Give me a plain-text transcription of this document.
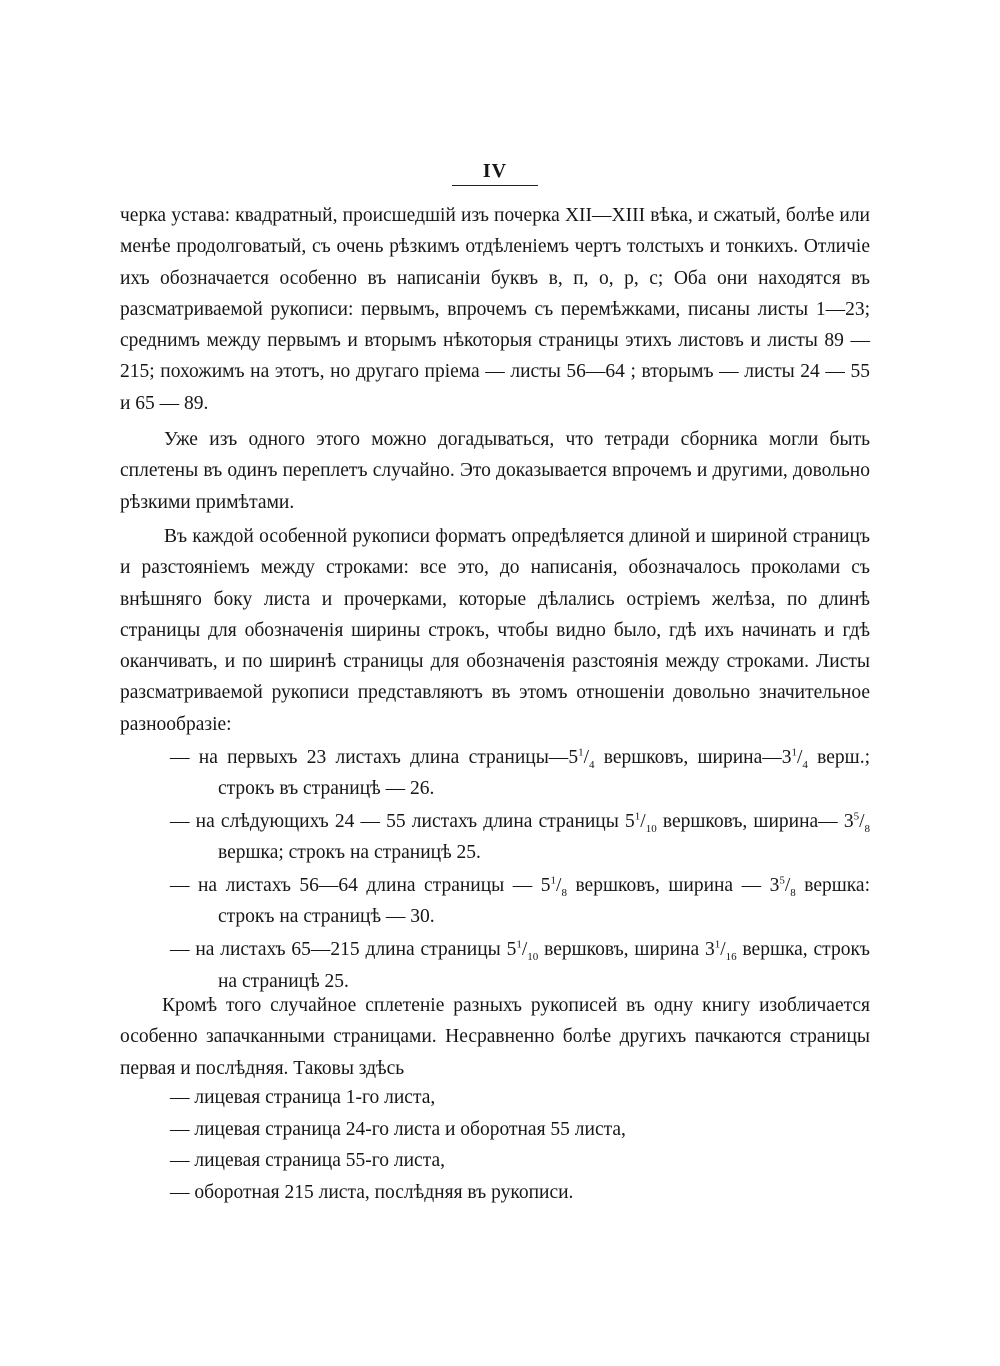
IV
черка устава: квадратный, происшедшій изъ почерка XII—XIII вѣка, и сжатый, болѣе или менѣе продолговатый, съ очень рѣзкимъ отдѣленіемъ чертъ толстыхъ и тонкихъ. Отличіе ихъ обозначается особенно въ написаніи буквъ в, п, о, р, с; Оба они находятся въ разсматриваемой рукописи: первымъ, впрочемъ съ перемѣжками, писаны листы 1—23; среднимъ между первымъ и вторымъ нѣкоторыя страницы этихъ листовъ и листы 89 — 215; похожимъ на этотъ, но другаго пріема — листы 56—64 ; вторымъ — листы 24 — 55 и 65 — 89.
Уже изъ одного этого можно догадываться, что тетради сборника могли быть сплетены въ одинъ переплетъ случайно. Это доказывается впрочемъ и другими, довольно рѣзкими примѣтами.
Въ каждой особенной рукописи форматъ опредѣляется длиной и шириной страницъ и разстояніемъ между строками: все это, до написанія, обозначалось проколами съ внѣшняго боку листа и прочерками, которые дѣлались остріемъ желѣза, по длинѣ страницы для обозначенія ширины строкъ, чтобы видно было, гдѣ ихъ начинать и гдѣ оканчивать, и по ширинѣ страницы для обозначенія разстоянія между строками. Листы разсматриваемой рукописи представляютъ въ этомъ отношеніи довольно значительное разнообразіе:
— на первыхъ 23 листахъ длина $страницы—5^1/_4$ вершковъ, $ширина—3^1/_4$ верш.; строкъ въ страницѣ — 26.
— на слѣдующихъ 24 — 55 листахъ длина страницы $5^1/_{10}$ вершковъ, ширина— $3^5/_8$ вершка; строкъ на страницѣ 25.
— на листахъ 56—64 длина страницы — $5^1/_8$ вершковъ, ширина — $3^5/_8$ вершка: строкъ на страницѣ — 30.
— на листахъ 65—215 длина страницы $5^1/_{10}$ вершковъ, ширина $3^1/_{16}$ вершка, строкъ на страницѣ 25.
Кромѣ того случайное сплетеніе разныхъ рукописей въ одну книгу изобличается особенно запачканными страницами. Несравненно болѣе другихъ пачкаются страницы первая и послѣдняя. Таковы здѣсь
— лицевая страница 1-го листа,
— лицевая страница 24-го листа и оборотная 55 листа,
— лицевая страница 55-го листа,
— оборотная 215 листа, послѣдняя въ рукописи.
